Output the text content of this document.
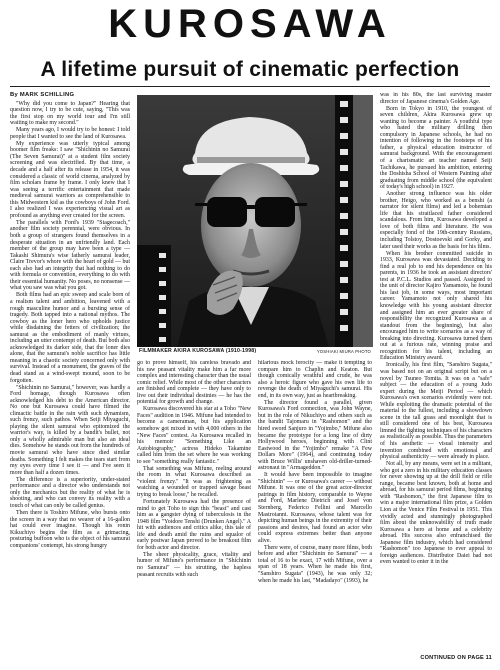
KUROSAWA
A lifetime pursuit of cinematic perfection
By MARK SCHILLING

"Why did you come to Japan?" Hearing that question now, I try to be cute, saying, "This was the first stop on my world tour and I'm still waiting to make my second."

Many years ago, I would try to be honest: I told people that I wanted to see the land of Kurosawa.

My experience was utterly typical among boomer film freaks: I saw "Shichinin no Samurai (The Seven Samurai)" at a student film society screening and was electrified. By that time, a decade and a half after its release in 1954, it was considered a classic of world cinema, analyzed by film scholars frame by frame. I only knew that I was seeing a terrific entertainment that made medieval samurai warriors as comprehensible to this Midwestern kid as the cowboys of John Ford. I also realized I was experiencing visual art as profound as anything ever created for the screen.

The parallels with Ford's 1939 "Stagecoach," another film society perennial, were obvious. In both a group of strangers found themselves in a desperate situation in an unfriendly land. Each member of the group may have been a type — Takashi Shimura's wise fatherly samurai leader, Claire Trevor's whore with the heart of gold — but each also had an integrity that had nothing to do with formula or convention, everything to do with their essential humanity. No poses, no nonsense — what you saw was what you got.

Both films had an epic sweep and scale born of a realism talent and ambition, leavened with a rough masculine humor and a bursting sense of tragedy. Both tapped into a national mythos. The cowboy as the loner hero who upholds justice while disdaining the fetters of civilization; the samurai as the embodiment of manly virtues, including an utter contempt of death. But both also acknowledged its darker side, that the loner dies alone, that the samurai's noble sacrifice has little meaning in a chaotic society concerned only with survival. Instead of a monument, the graves of the dead stand as a wind-swept mound, soon to be forgotten.

"Shichinin no Samurai," however, was hardly a Ford homage, though Kurosawa often acknowledged his debt to the American director. No one but Kurosawa could have filmed the climactic battle in the rain with such dynamism, such frenzy, such pathos. When Seiji Miyaguchi, playing the silent samurai who epitomized the warrior's way, is killed by a bandit's bullet, not only a wholly admirable man but also an ideal dies. Somehow he stands out from the hundreds of movie samurai who have since died similar deaths. Something I felt makes the tears start from my eyes every time I see it — and I've seen it more than half a dozen times.

The difference is a superiority, under-stated performance and a director who understands not only the mechanics but the reality of what he is shooting, and who can convey its reality with a touch of what can only be called genius.

Then there is Toshiro Mifune, who bursts onto the screen in a way that no wearer of a 16-gallon hat could ever imagine. Though his ronin Kikuchiyo begins the film as a grimacing, posturing buffoon who is the object of his samurai companions' contempt, his strong hungry

FILMMAKER AKIRA KUROSAWA (1910-1998)	YOSHIAKI MIURA PHOTO

go to prove himself, his careless bravado and his raw peasant vitality make him a far more complex and interesting character than the usual comic relief. While most of the other characters are finished and complete — they have only to live out their individual destinies — he has the potential for growth and change.

Kurosawa discovered his star at a Toho "New Faces" audition in 1946. Mifune had intended to become a cameraman, but his application somehow got mixed in with 4,000 others in the "New Faces" contest. As Kurosawa recalled in his memoir "Something Like an Autobiography," actress Hideko Takamine called him from the set where he was working to see "something really fantastic."

That something was Mifune, reeling around the room in what Kurosawa described as "violent frenzy." "It was as frightening as watching a wounded or trapped savage beast trying to break loose," he recalled.

Fortunately Kurosawa had the presence of mind to get Toho to sign this "beast" and cast him as a gangster dying of tuberculosis in the 1948 film "Yoidore Tenshi (Drunken Angel)." A hit with audiences and critics alike, this tale of life and death amid the ruins and squalor of early postwar Japan proved to be breakout film for both actor and director.

The sheer physicality, grace, vitality and humor of Mifune's performance in "Shichinin no Samurai" — his strutting, the hapless peasant recruits with such

hilarious mock ferocity — make it tempting to compare him to Chaplin and Keaton. But though comically wrathful and crude, he was also a heroic figure who gave his own life to revenge the death of Miyaguchi's samurai. His end, in its own way, just as heartbreaking.

The director found a parallel, given Kurosawa's Ford connection, was John Wayne, but in the role of Nikuchiyo and others such as the bandit Tajomaru in "Rashomon" and the hired sword Sanjuro in "Yojimbo," Mifune also became the prototype for a long line of dirty Hollywood heroes, beginning with Clint Eastwood in the "Yojimbo" remake "A Few Dollars More" (1964), and continuing today with Bruce Willis' unshaven old-driller-turned-astronaut in "Armageddon."

It would have been impossible to imagine "Shichinin" — or Kurosawa's career — without Mifune. It was one of the great actor-director pairings in film history, comparable to Wayne and Ford, Marlene Dietrich and Josef von Sternberg, Federico Fellini and Marcello Mastroianni. Kurosawa, whose talent was for depicting human beings in the extremity of their passions and desires, had found an actor who could express extremes better than anyone alive.

There were, of course, many more films, both before and after "Shichinin no Samurai" — a total of 16 to be exact, 17 with Mifune, over a span of 18 years. When he made his first, "Sanshiro Sugata" (1943), he was only 32; when he made his last, "Madadayo" (1993), he

was in his 80s, the last surviving master director of Japanese cinema's Golden Age.

Born in Tokyo in 1910, the youngest of seven children, Akira Kurosawa grew up wanting to become a painter. A youthful type who hated the military drilling then compulsory in Japanese schools, he had no intention of following in the footsteps of his father, a physical education instructor of samurai background. With the encouragement of a charismatic art teacher named Seiji Tachikawa, he pursued his ambition, entering the Doshisha School of Western Painting after graduating from middle school (the equivalent of today's high school) in 1927.

Another strong influence was his older brother, Heigo, who worked as a benshi (a narrator for silent films) and led a bohemian life that his straitlaced father considered scandalous. From him, Kurosawa developed a love of both films and literature. He was especially fond of the 19th-century Russians, including Tolstoy, Dostoevski and Gorky, and later used their works as the basis for his films.

When his brother committed suicide in 1933, Kurosawa was devastated. Deciding to find a real job to end his dependence on his parents, in 1936 he took an assistant directors' test at P.C.L. Studios and passed. Assigned to the unit of director Kajiro Yamamoto, he found his last job, in some ways, most important career. Yamamoto not only shared his knowledge with his young assistant director and assigned him an ever greater share of responsibility the recognized Kurosawa as a standout from the beginning), but also encouraged him to write scenarios as a way of breaking into directing. Kurosawa turned them out at a furious rate, winning praise and recognition for his talent, including an Education Ministry award.

Ironically, his first film, "Sanshiro Sugata," was based not on an original script but on a novel by Tsuneo Tomita. It was on a "safe" subject — the education of a young Judo expert during the Meiji Period — which Kurosawa's own scenarios evidently were not. While exploiting the dramatic potential of the material to the fullest, including a showdown scene in the tall grass and moonlight that is still considered one of his best, Kurosawa limned the fighting techniques of his characters as realistically as possible. Thus the parameters of his aesthetic — visual intensity and invention combined with emotional and physical authenticity — were already in place.

Not all, by any means, were set in a militant, who got a zero in his military education classes for never showing up at the drill field or rifle range, became best known, both at home and abroad, for his samurai period films, beginning with "Rashomon," the first Japanese film to win a major international film prize, a Golden Lion at the Venice Film Festival in 1951. This vividly acted and stunningly photographed film about the unknowability of truth made Kurosawa a hero at home and a celebrity abroad. His success also enfranchised the Japanese film industry, which had considered "Rashomon" too Japanese to ever appeal to foreign audiences. Distributor Daiei had not even wanted to enter it in the

CONTINUED ON PAGE 11
